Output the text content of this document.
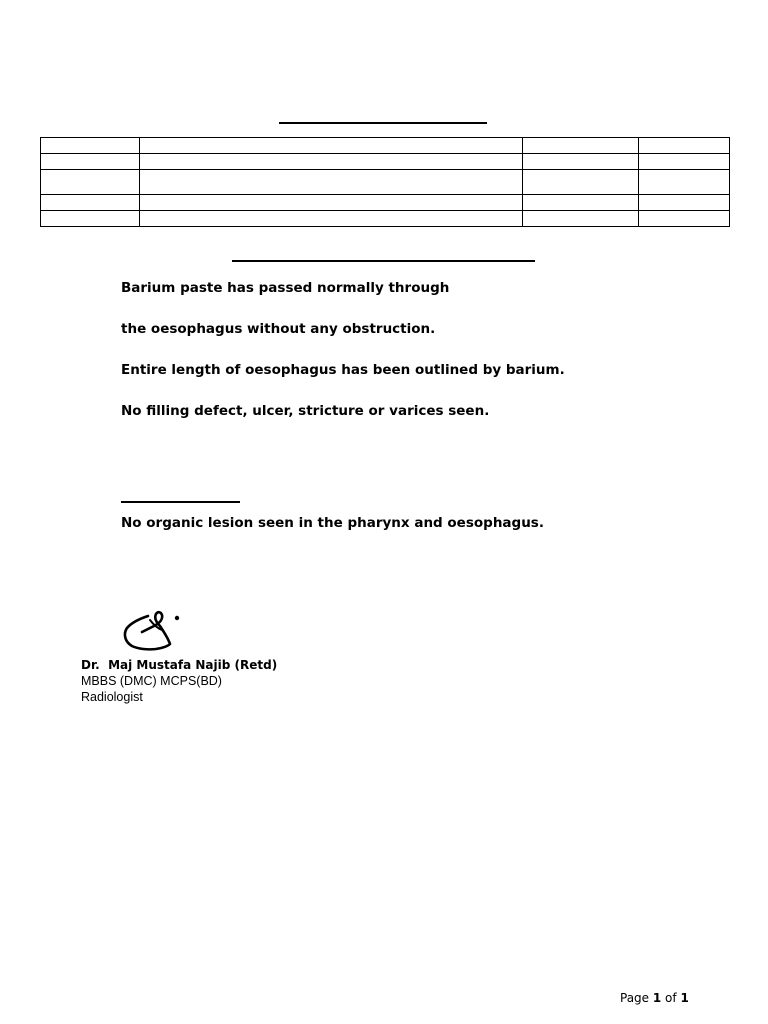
Barium paste has passed normally through
the oesophagus without any obstruction.
Entire length of oesophagus has been outlined by barium.
No filling defect, ulcer, stricture or varices seen.
No organic lesion seen in the pharynx and oesophagus.
Dr.  Maj Mustafa Najib (Retd)
MBBS (DMC) MCPS(BD)
Radiologist
Page 1 of 1
